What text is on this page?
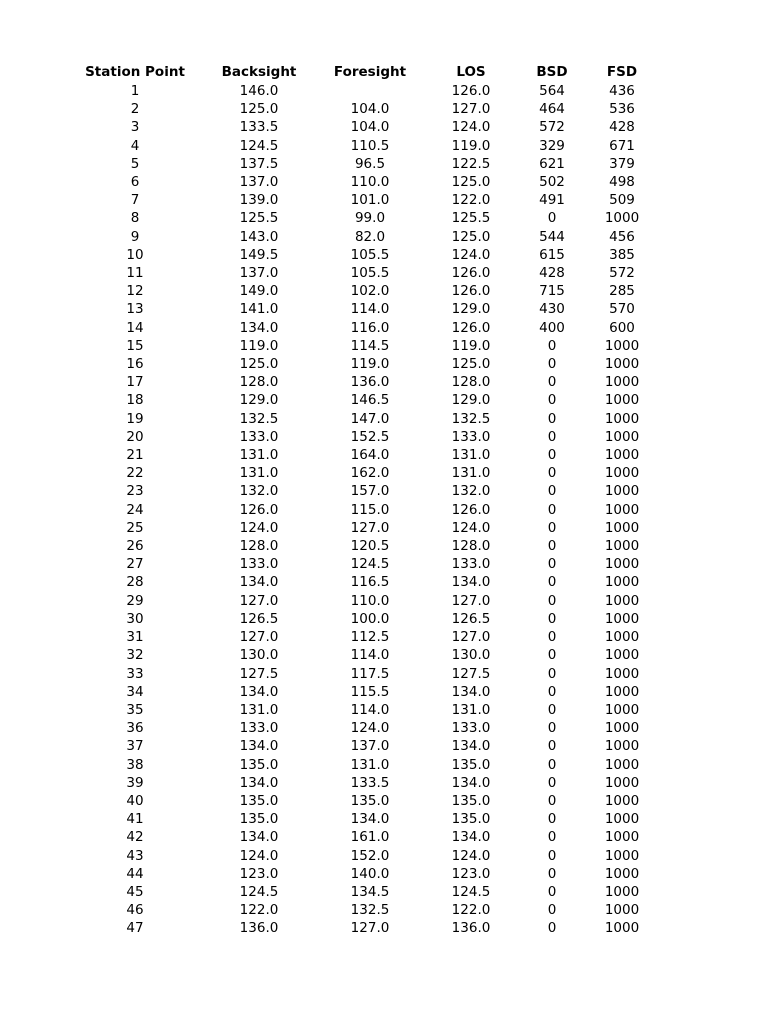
Station Point	Backsight	Foresight	LOS	BSD	FSD
1	146.0		126.0	564	436
2	125.0	104.0	127.0	464	536
3	133.5	104.0	124.0	572	428
4	124.5	110.5	119.0	329	671
5	137.5	96.5	122.5	621	379
6	137.0	110.0	125.0	502	498
7	139.0	101.0	122.0	491	509
8	125.5	99.0	125.5	0	1000
9	143.0	82.0	125.0	544	456
10	149.5	105.5	124.0	615	385
11	137.0	105.5	126.0	428	572
12	149.0	102.0	126.0	715	285
13	141.0	114.0	129.0	430	570
14	134.0	116.0	126.0	400	600
15	119.0	114.5	119.0	0	1000
16	125.0	119.0	125.0	0	1000
17	128.0	136.0	128.0	0	1000
18	129.0	146.5	129.0	0	1000
19	132.5	147.0	132.5	0	1000
20	133.0	152.5	133.0	0	1000
21	131.0	164.0	131.0	0	1000
22	131.0	162.0	131.0	0	1000
23	132.0	157.0	132.0	0	1000
24	126.0	115.0	126.0	0	1000
25	124.0	127.0	124.0	0	1000
26	128.0	120.5	128.0	0	1000
27	133.0	124.5	133.0	0	1000
28	134.0	116.5	134.0	0	1000
29	127.0	110.0	127.0	0	1000
30	126.5	100.0	126.5	0	1000
31	127.0	112.5	127.0	0	1000
32	130.0	114.0	130.0	0	1000
33	127.5	117.5	127.5	0	1000
34	134.0	115.5	134.0	0	1000
35	131.0	114.0	131.0	0	1000
36	133.0	124.0	133.0	0	1000
37	134.0	137.0	134.0	0	1000
38	135.0	131.0	135.0	0	1000
39	134.0	133.5	134.0	0	1000
40	135.0	135.0	135.0	0	1000
41	135.0	134.0	135.0	0	1000
42	134.0	161.0	134.0	0	1000
43	124.0	152.0	124.0	0	1000
44	123.0	140.0	123.0	0	1000
45	124.5	134.5	124.5	0	1000
46	122.0	132.5	122.0	0	1000
47	136.0	127.0	136.0	0	1000
